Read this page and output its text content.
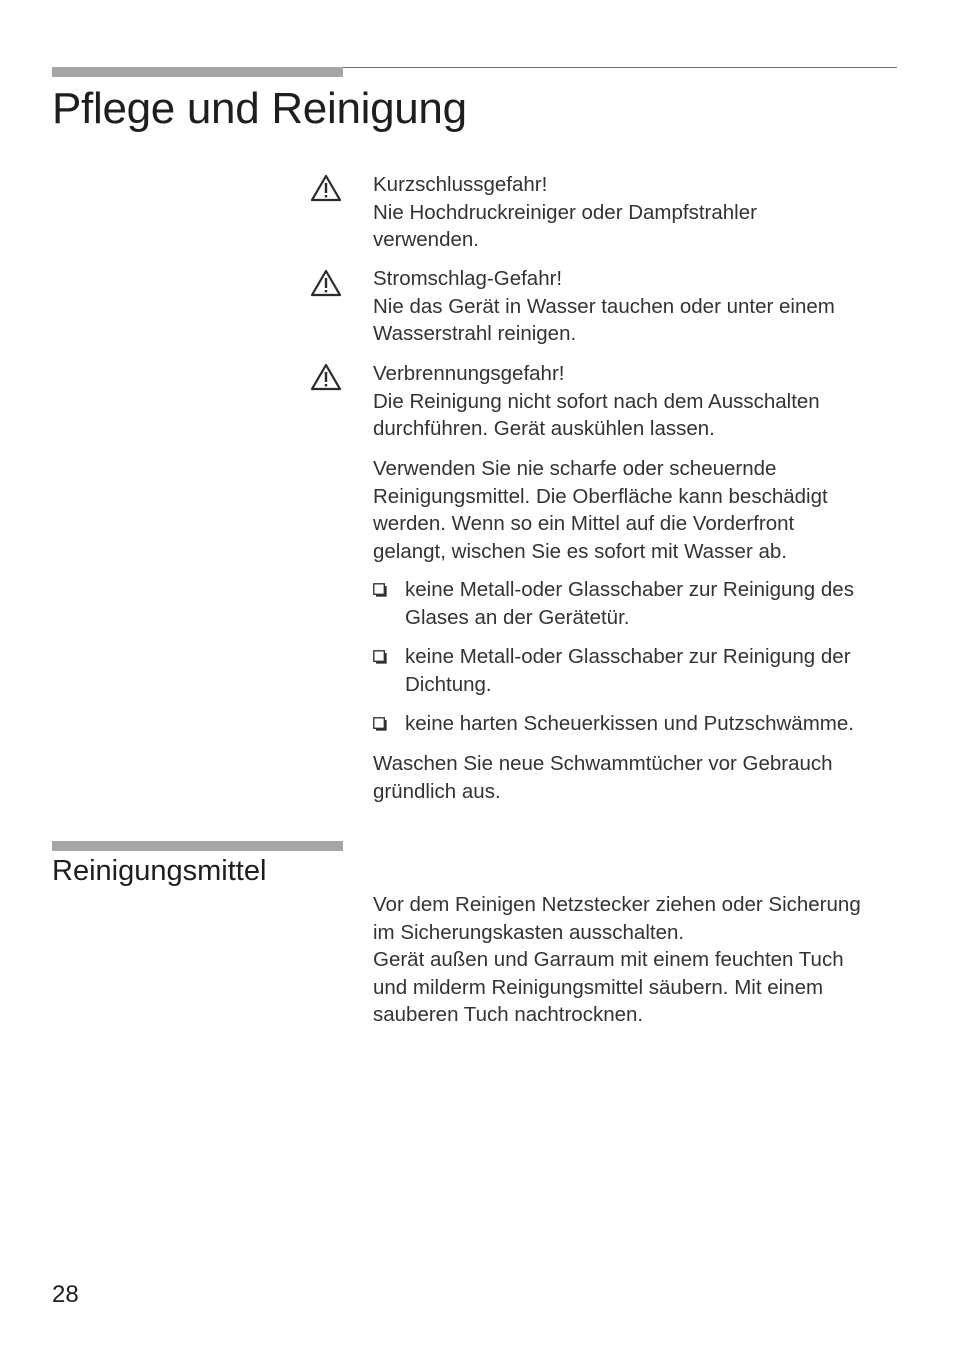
Pflege und Reinigung
Kurzschlussgefahr!
Nie Hochdruckreiniger oder Dampfstrahler
verwenden.
Stromschlag-Gefahr!
Nie das Gerät in Wasser tauchen oder unter einem
Wasserstrahl reinigen.
Verbrennungsgefahr!
Die Reinigung nicht sofort nach dem Ausschalten
durchführen. Gerät auskühlen lassen.
Verwenden Sie nie scharfe oder scheuernde
Reinigungsmittel. Die Oberfläche kann beschädigt
werden. Wenn so ein Mittel auf die Vorderfront
gelangt, wischen Sie es sofort mit Wasser ab.
keine Metall-oder Glasschaber zur Reinigung des
Glases an der Gerätetür.
keine Metall-oder Glasschaber zur Reinigung der
Dichtung.
keine harten Scheuerkissen und Putzschwämme.
Waschen Sie neue Schwammtücher vor Gebrauch
gründlich aus.
Reinigungsmittel
Vor dem Reinigen Netzstecker ziehen oder Sicherung
im Sicherungskasten ausschalten.
Gerät außen und Garraum mit einem feuchten Tuch
und milderm Reinigungsmittel säubern. Mit einem
sauberen Tuch nachtrocknen.
28
